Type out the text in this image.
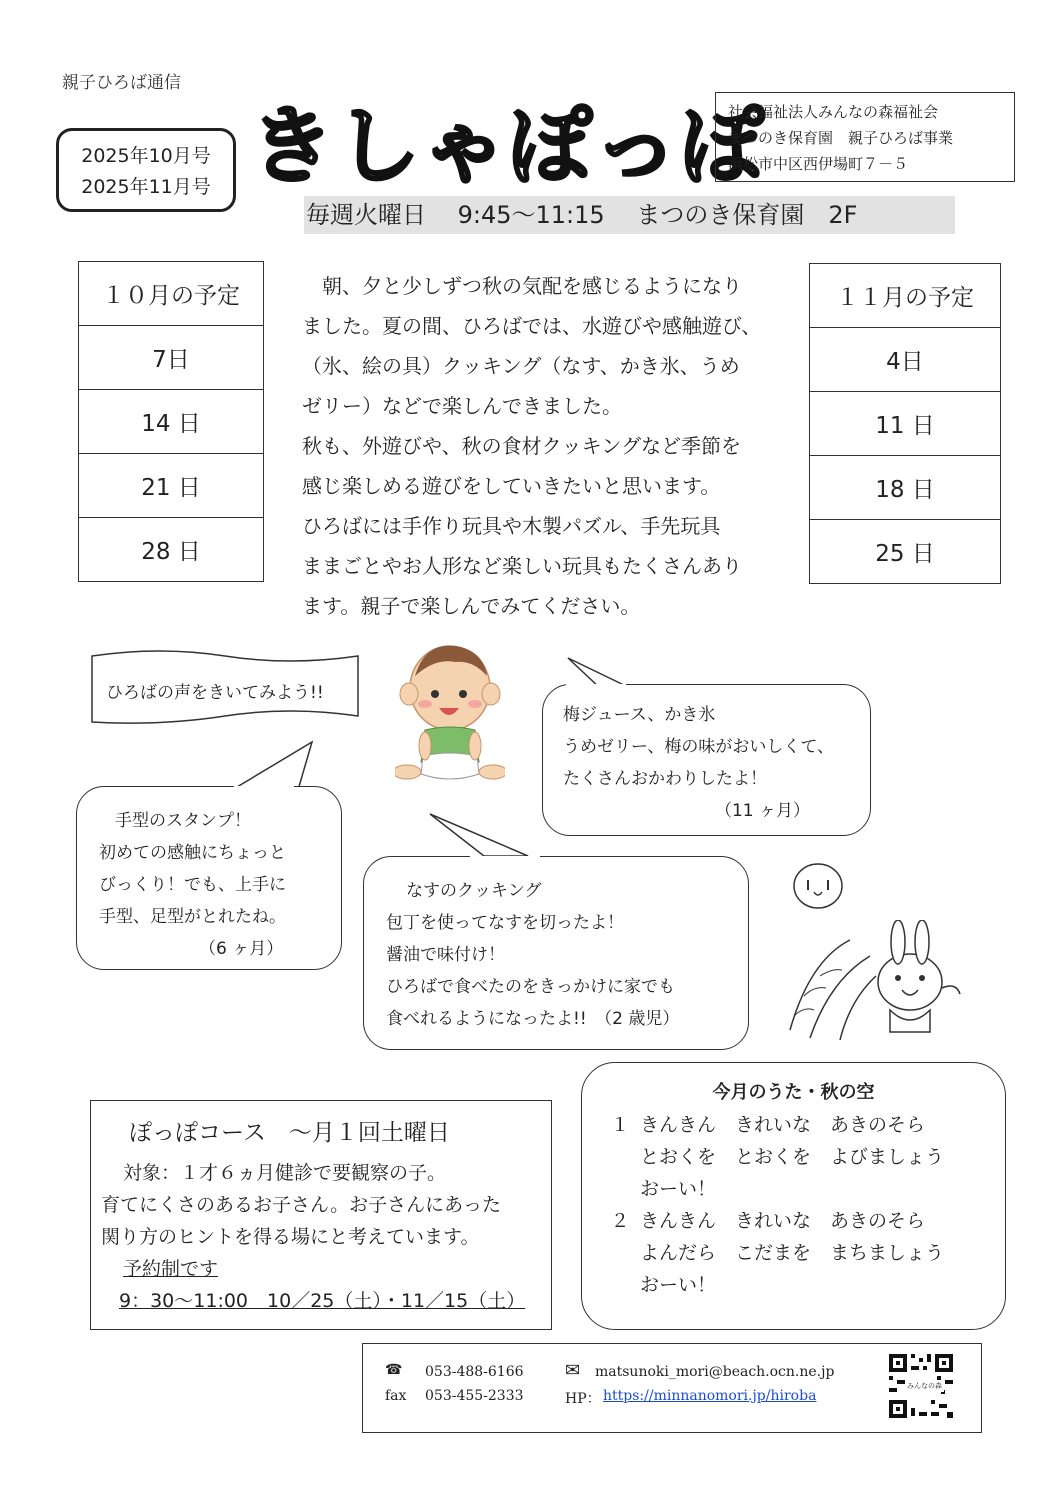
親子ひろば通信
2025年10月号
2025年11月号 きしゃぽっぽ
社会福祉法人みんなの森福祉会
まつのき保育園　親子ひろば事業
浜松市中区西伊場町７－５
毎週火曜日　 9:45～11:15　 まつのき保育園　2F
１０月の予定
7日
14 日
21 日
28 日
１１月の予定
4日
11 日
18 日
25 日

　朝、夕と少しずつ秋の気配を感じるようになり

ました。夏の間、ひろばでは、水遊びや感触遊び、

（氷、絵の具）クッキング（なす、かき氷、うめ

ゼリー）などで楽しんできました。

秋も、外遊びや、秋の食材クッキングなど季節を

感じ楽しめる遊びをしていきたいと思います。

ひろばには手作り玩具や木製パズル、手先玩具

ままごとやお人形など楽しい玩具もたくさんあり

ます。親子で楽しんでみてください。

ひろばの声をきいてみよう!!
梅ジュース、かき氷
うめゼリー、梅の味がおいしくて、
たくさんおかわりしたよ！
（11 ヶ月）
手型のスタンプ！
初めての感触にちょっと
びっくり！でも、上手に
手型、足型がとれたね。
（6 ヶ月）
なすのクッキング
包丁を使ってなすを切ったよ！
醤油で味付け！
ひろばで食べたのをきっかけに家でも
食べれるようになったよ!!　（2 歳児）
ぽっぽコース　～月１回土曜日
対象：１才６ヵ月健診で要観察の子。
育てにくさのあるお子さん。お子さんにあった
関り方のヒントを得る場にと考えています。
予約制です
9：30～11:00　10／25（土）・11／15（土）
今月のうた・秋の空
１ きんきん　きれいな　あきのそら
とおくを　とおくを　よびましょう
おーい！
２ きんきん　きれいな　あきのそら
よんだら　こだまを　まちましょう
おーい！
☎ 053-488-6166
fax 053-455-2333
✉ matsunoki_mori@beach.ocn.ne.jp
HP： https://minnanomori.jp/hiroba
みんなの森
